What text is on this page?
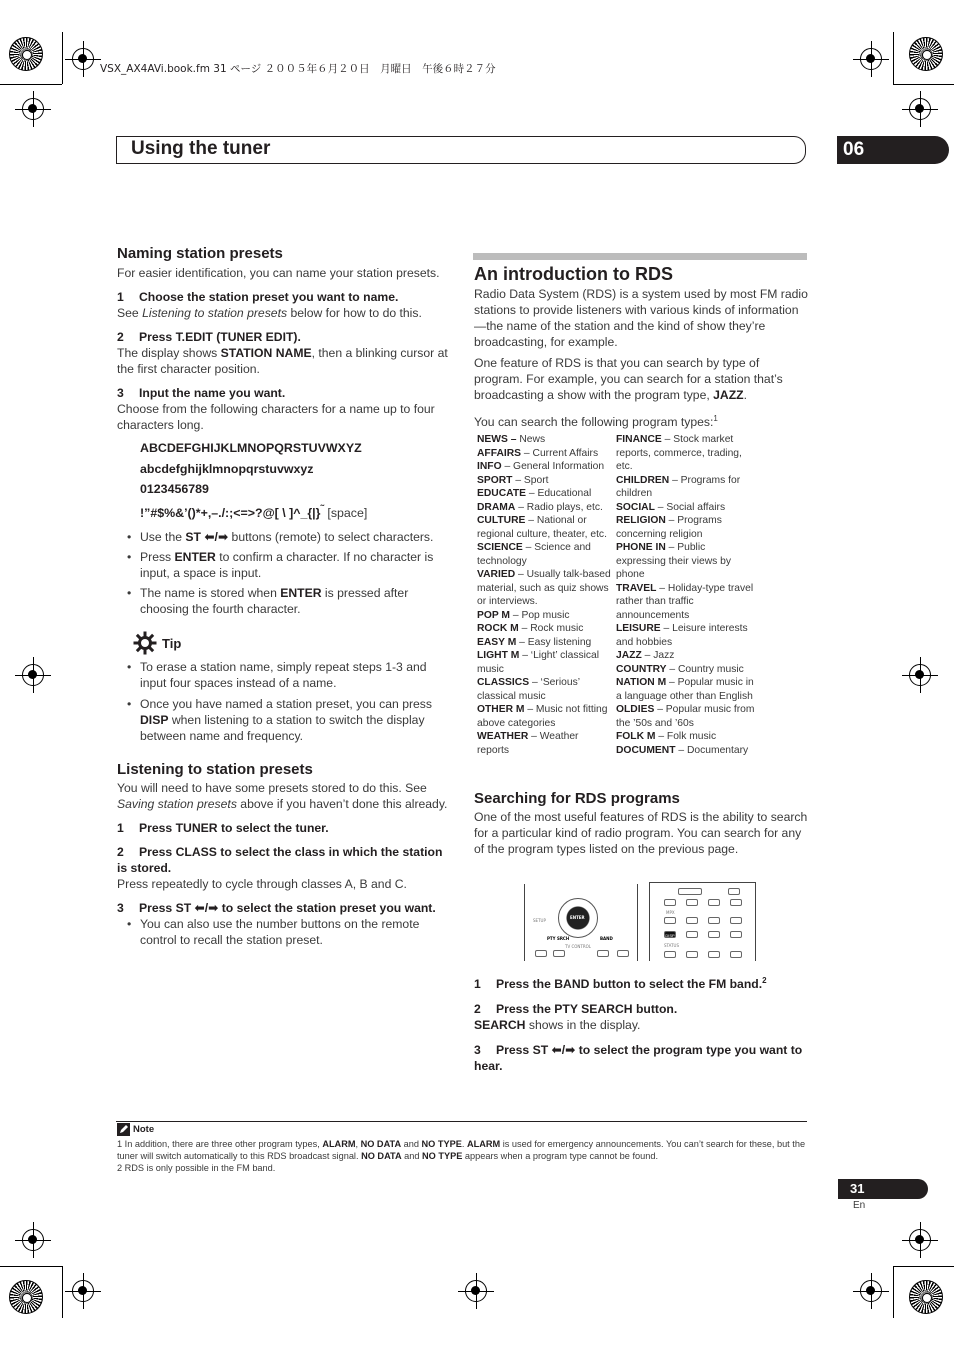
VSX_AX4AVi.book.fm 31 ページ ２００５年６月２０日　月曜日　午後６時２７分
Using the tuner	06
Naming station presets
For easier identification, you can name your station presets.
1 Choose the station preset you want to name.
See Listening to station presets below for how to do this.
2 Press T.EDIT (TUNER EDIT).
The display shows STATION NAME, then a blinking cursor at the first character position.
3 Input the name you want.
Choose from the following characters for a name up to four characters long.
ABCDEFGHIJKLMNOPQRSTUVWXYZ
abcdefghijklmnopqrstuvwxyz
0123456789
!”#$%&’()*+,–./:;<=>?@[ \ ]^_{|}˜ [space]
• Use the ST ⬅/➡ buttons (remote) to select characters.
• Press ENTER to confirm a character. If no character is input, a space is input.
• The name is stored when ENTER is pressed after choosing the fourth character.
Tip
• To erase a station name, simply repeat steps 1-3 and input four spaces instead of a name.
• Once you have named a station preset, you can press DISP when listening to a station to switch the display between name and frequency.
Listening to station presets
You will need to have some presets stored to do this. See Saving station presets above if you haven’t done this already.
1 Press TUNER to select the tuner.
2 Press CLASS to select the class in which the station is stored.
Press repeatedly to cycle through classes A, B and C.
3 Press ST ⬅/➡ to select the station preset you want.
• You can also use the number buttons on the remote control to recall the station preset.
An introduction to RDS
Radio Data System (RDS) is a system used by most FM radio stations to provide listeners with various kinds of information—the name of the station and the kind of show they’re broadcasting, for example.
One feature of RDS is that you can search by type of program. For example, you can search for a station that’s broadcasting a show with the program type, JAZZ.
You can search the following program types:$^1$
NEWS – News
AFFAIRS – Current Affairs
INFO – General Information
SPORT – Sport
EDUCATE – Educational
DRAMA – Radio plays, etc.
CULTURE – National or regional culture, theater, etc.
SCIENCE – Science and technology
VARIED – Usually talk-based material, such as quiz shows or interviews.
POP M – Pop music
ROCK M – Rock music
EASY M – Easy listening
LIGHT M – ‘Light’ classical music
CLASSICS – ‘Serious’ classical music
OTHER M – Music not fitting above categories
WEATHER – Weather reports
FINANCE – Stock market reports, commerce, trading, etc.
CHILDREN – Programs for children
SOCIAL – Social affairs
RELIGION – Programs concerning religion
PHONE IN – Public expressing their views by phone
TRAVEL – Holiday-type travel rather than traffic announcements
LEISURE – Leisure interests and hobbies
JAZZ – Jazz
COUNTRY – Country music
NATION M – Popular music in a language other than English
OLDIES – Popular music from the ’50s and ’60s
FOLK M – Folk music
DOCUMENT – Documentary
Searching for RDS programs
One of the most useful features of RDS is the ability to search for a particular kind of radio program. You can search for any of the program types listed on the previous page.
ENTER
SETUP
PTY SRCH	BAND
TV CONTROL
MPX
DISP
STATUS
1 Press the BAND button to select the FM band.$^2$
2 Press the PTY SEARCH button.
SEARCH shows in the display.
3 Press ST ⬅/➡ to select the program type you want to hear.
Note
1 In addition, there are three other program types, ALARM, NO DATA and NO TYPE. ALARM is used for emergency announcements. You can’t search for these, but the tuner will switch automatically to this RDS broadcast signal. NO DATA and NO TYPE appears when a program type cannot be found.
2 RDS is only possible in the FM band.
31
En
